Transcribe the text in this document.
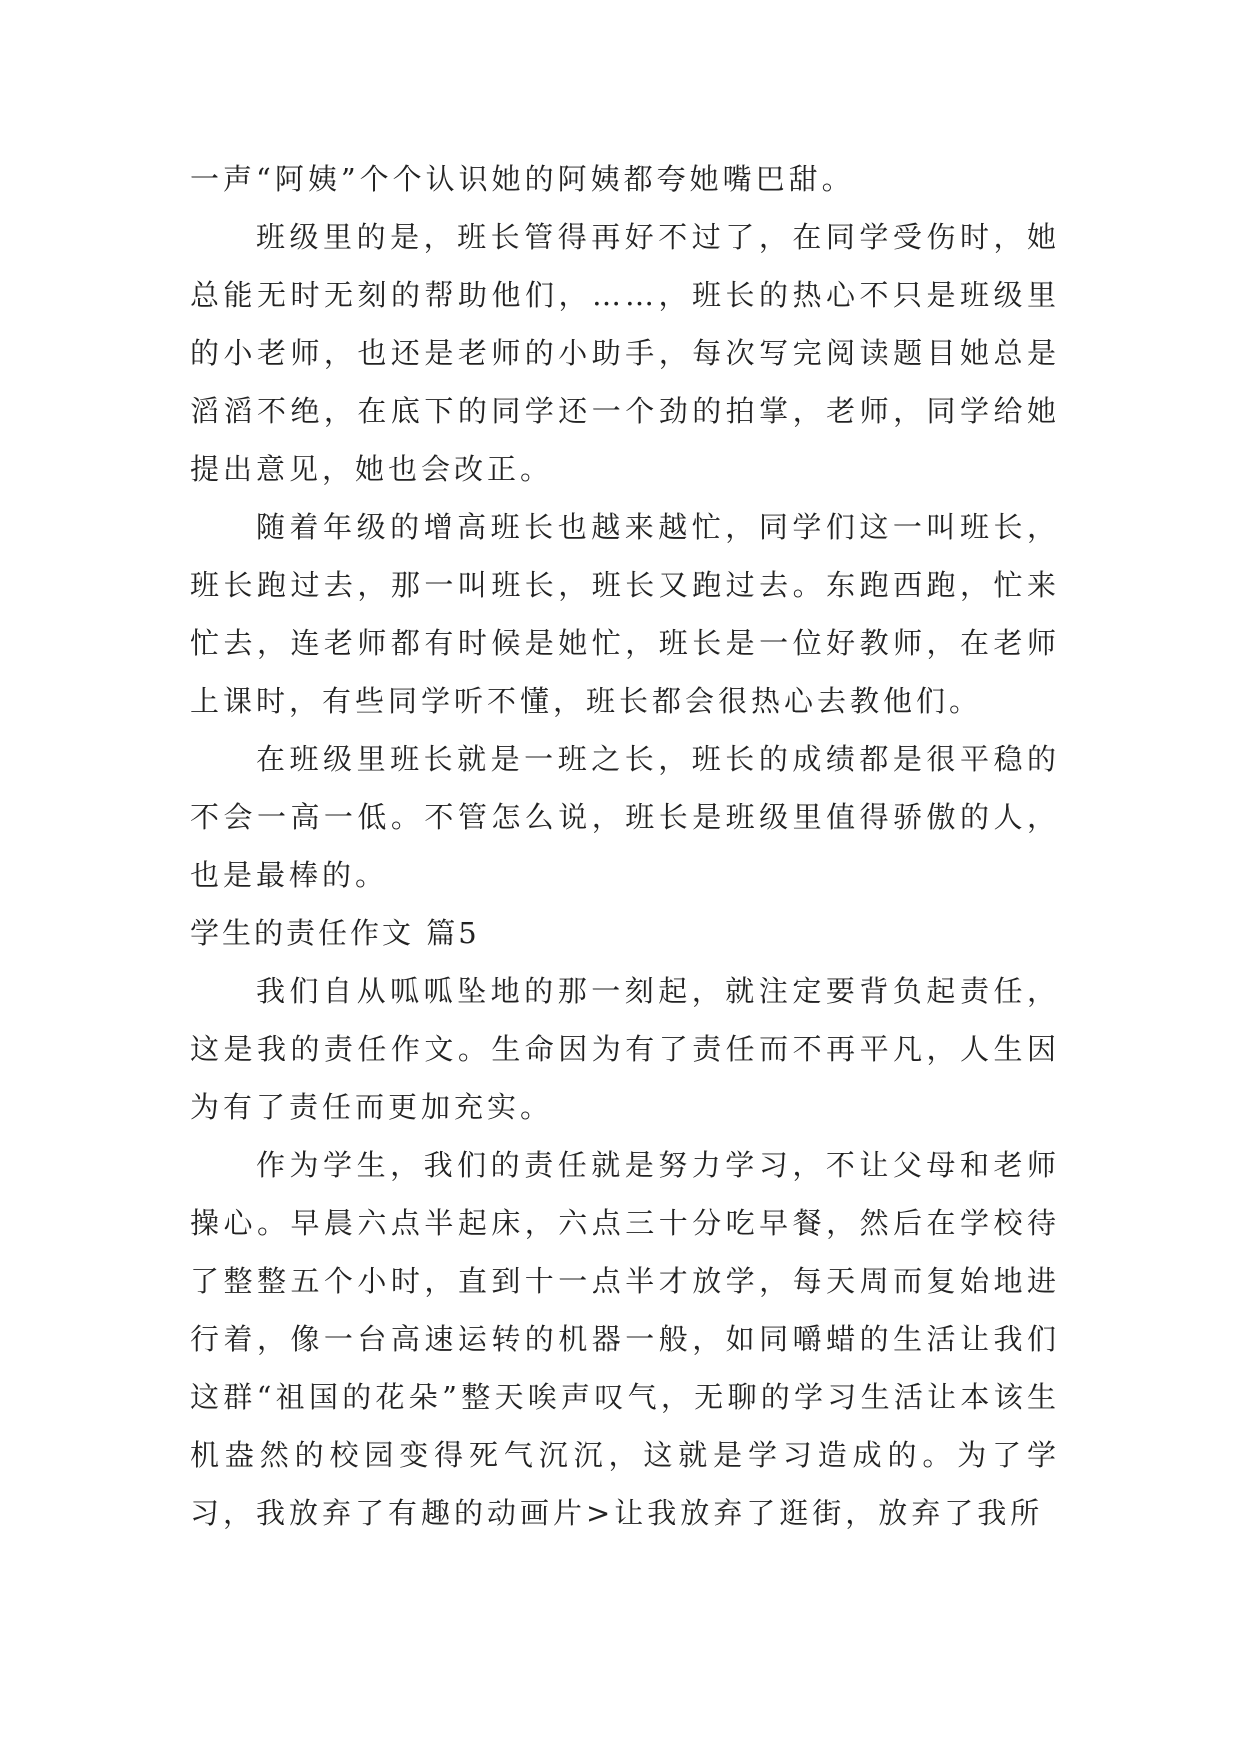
一声“阿姨”个个认识她的阿姨都夸她嘴巴甜。

班级里的是，班长管得再好不过了，在同学受伤时，她总能无时无刻的帮助他们，……，班长的热心不只是班级里的小老师，也还是老师的小助手，每次写完阅读题目她总是滔滔不绝，在底下的同学还一个劲的拍掌，老师，同学给她提出意见，她也会改正。

随着年级的增高班长也越来越忙，同学们这一叫班长，班长跑过去，那一叫班长，班长又跑过去。东跑西跑，忙来忙去，连老师都有时候是她忙，班长是一位好教师，在老师上课时，有些同学听不懂，班长都会很热心去教他们。

在班级里班长就是一班之长，班长的成绩都是很平稳的不会一高一低。不管怎么说，班长是班级里值得骄傲的人，也是最棒的。

学生的责任作文 篇5

我们自从呱呱坠地的那一刻起，就注定要背负起责任，这是我的责任作文。生命因为有了责任而不再平凡，人生因为有了责任而更加充实。

作为学生，我们的责任就是努力学习，不让父母和老师操心。早晨六点半起床，六点三十分吃早餐，然后在学校待了整整五个小时，直到十一点半才放学，每天周而复始地进行着，像一台高速运转的机器一般，如同嚼蜡的生活让我们这群“祖国的花朵”整天唉声叹气，无聊的学习生活让本该生机盎然的校园变得死气沉沉，这就是学习造成的。为了学习，我放弃了有趣的动画片>让我放弃了逛街，放弃了我所
